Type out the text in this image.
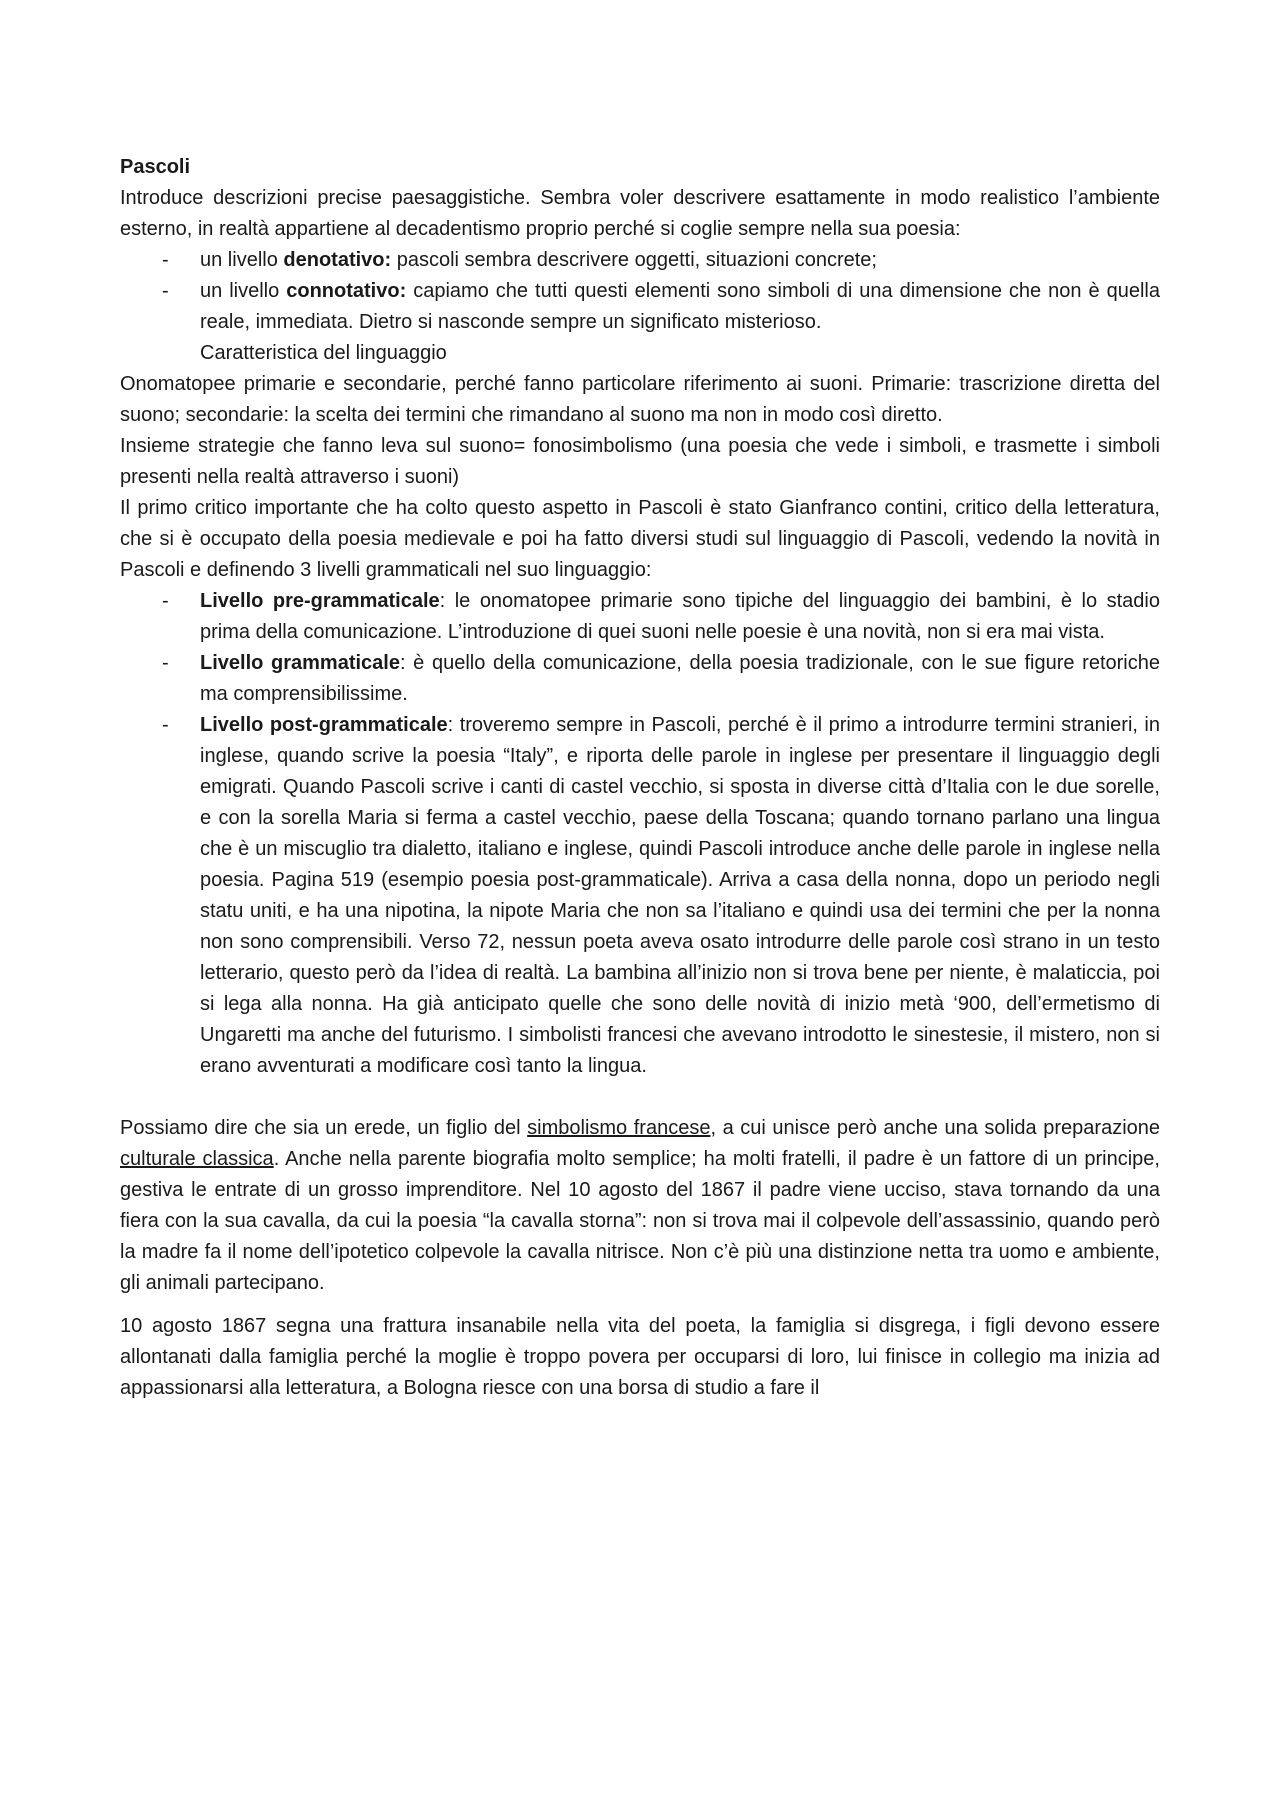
Pascoli

Introduce descrizioni precise paesaggistiche. Sembra voler descrivere esattamente in modo realistico l’ambiente esterno, in realtà appartiene al decadentismo proprio perché si coglie sempre nella sua poesia:

- un livello denotativo: pascoli sembra descrivere oggetti, situazioni concrete;
- un livello connotativo: capiamo che tutti questi elementi sono simboli di una dimensione che non è quella reale, immediata. Dietro si nasconde sempre un significato misterioso.

Caratteristica del linguaggio

Onomatopee primarie e secondarie, perché fanno particolare riferimento ai suoni. Primarie: trascrizione diretta del suono; secondarie: la scelta dei termini che rimandano al suono ma non in modo così diretto.

Insieme strategie che fanno leva sul suono= fonosimbolismo (una poesia che vede i simboli, e trasmette i simboli presenti nella realtà attraverso i suoni)

Il primo critico importante che ha colto questo aspetto in Pascoli è stato Gianfranco contini, critico della letteratura, che si è occupato della poesia medievale e poi ha fatto diversi studi sul linguaggio di Pascoli, vedendo la novità in Pascoli e definendo 3 livelli grammaticali nel suo linguaggio:

- Livello pre-grammaticale: le onomatopee primarie sono tipiche del linguaggio dei bambini, è lo stadio prima della comunicazione. L’introduzione di quei suoni nelle poesie è una novità, non si era mai vista.
- Livello grammaticale: è quello della comunicazione, della poesia tradizionale, con le sue figure retoriche ma comprensibilissime.
- Livello post-grammaticale: troveremo sempre in Pascoli, perché è il primo a introdurre termini stranieri, in inglese, quando scrive la poesia “Italy”, e riporta delle parole in inglese per presentare il linguaggio degli emigrati. Quando Pascoli scrive i canti di castel vecchio, si sposta in diverse città d’Italia con le due sorelle, e con la sorella Maria si ferma a castel vecchio, paese della Toscana; quando tornano parlano una lingua che è un miscuglio tra dialetto, italiano e inglese, quindi Pascoli introduce anche delle parole in inglese nella poesia. Pagina 519 (esempio poesia post-grammaticale). Arriva a casa della nonna, dopo un periodo negli statu uniti, e ha una nipotina, la nipote Maria che non sa l’italiano e quindi usa dei termini che per la nonna non sono comprensibili. Verso 72, nessun poeta aveva osato introdurre delle parole così strano in un testo letterario, questo però da l’idea di realtà. La bambina all’inizio non si trova bene per niente, è malaticcia, poi si lega alla nonna. Ha già anticipato quelle che sono delle novità di inizio metà ‘900, dell’ermetismo di Ungaretti ma anche del futurismo. I simbolisti francesi che avevano introdotto le sinestesie, il mistero, non si erano avventurati a modificare così tanto la lingua.

Possiamo dire che sia un erede, un figlio del simbolismo francese, a cui unisce però anche una solida preparazione culturale classica. Anche nella parente biografia molto semplice; ha molti fratelli, il padre è un fattore di un principe, gestiva le entrate di un grosso imprenditore. Nel 10 agosto del 1867 il padre viene ucciso, stava tornando da una fiera con la sua cavalla, da cui la poesia “la cavalla storna”: non si trova mai il colpevole dell’assassinio, quando però la madre fa il nome dell’ipotetico colpevole la cavalla nitrisce. Non c’è più una distinzione netta tra uomo e ambiente, gli animali partecipano.

10 agosto 1867 segna una frattura insanabile nella vita del poeta, la famiglia si disgrega, i figli devono essere allontanati dalla famiglia perché la moglie è troppo povera per occuparsi di loro, lui finisce in collegio ma inizia ad appassionarsi alla letteratura, a Bologna riesce con una borsa di studio a fare il
